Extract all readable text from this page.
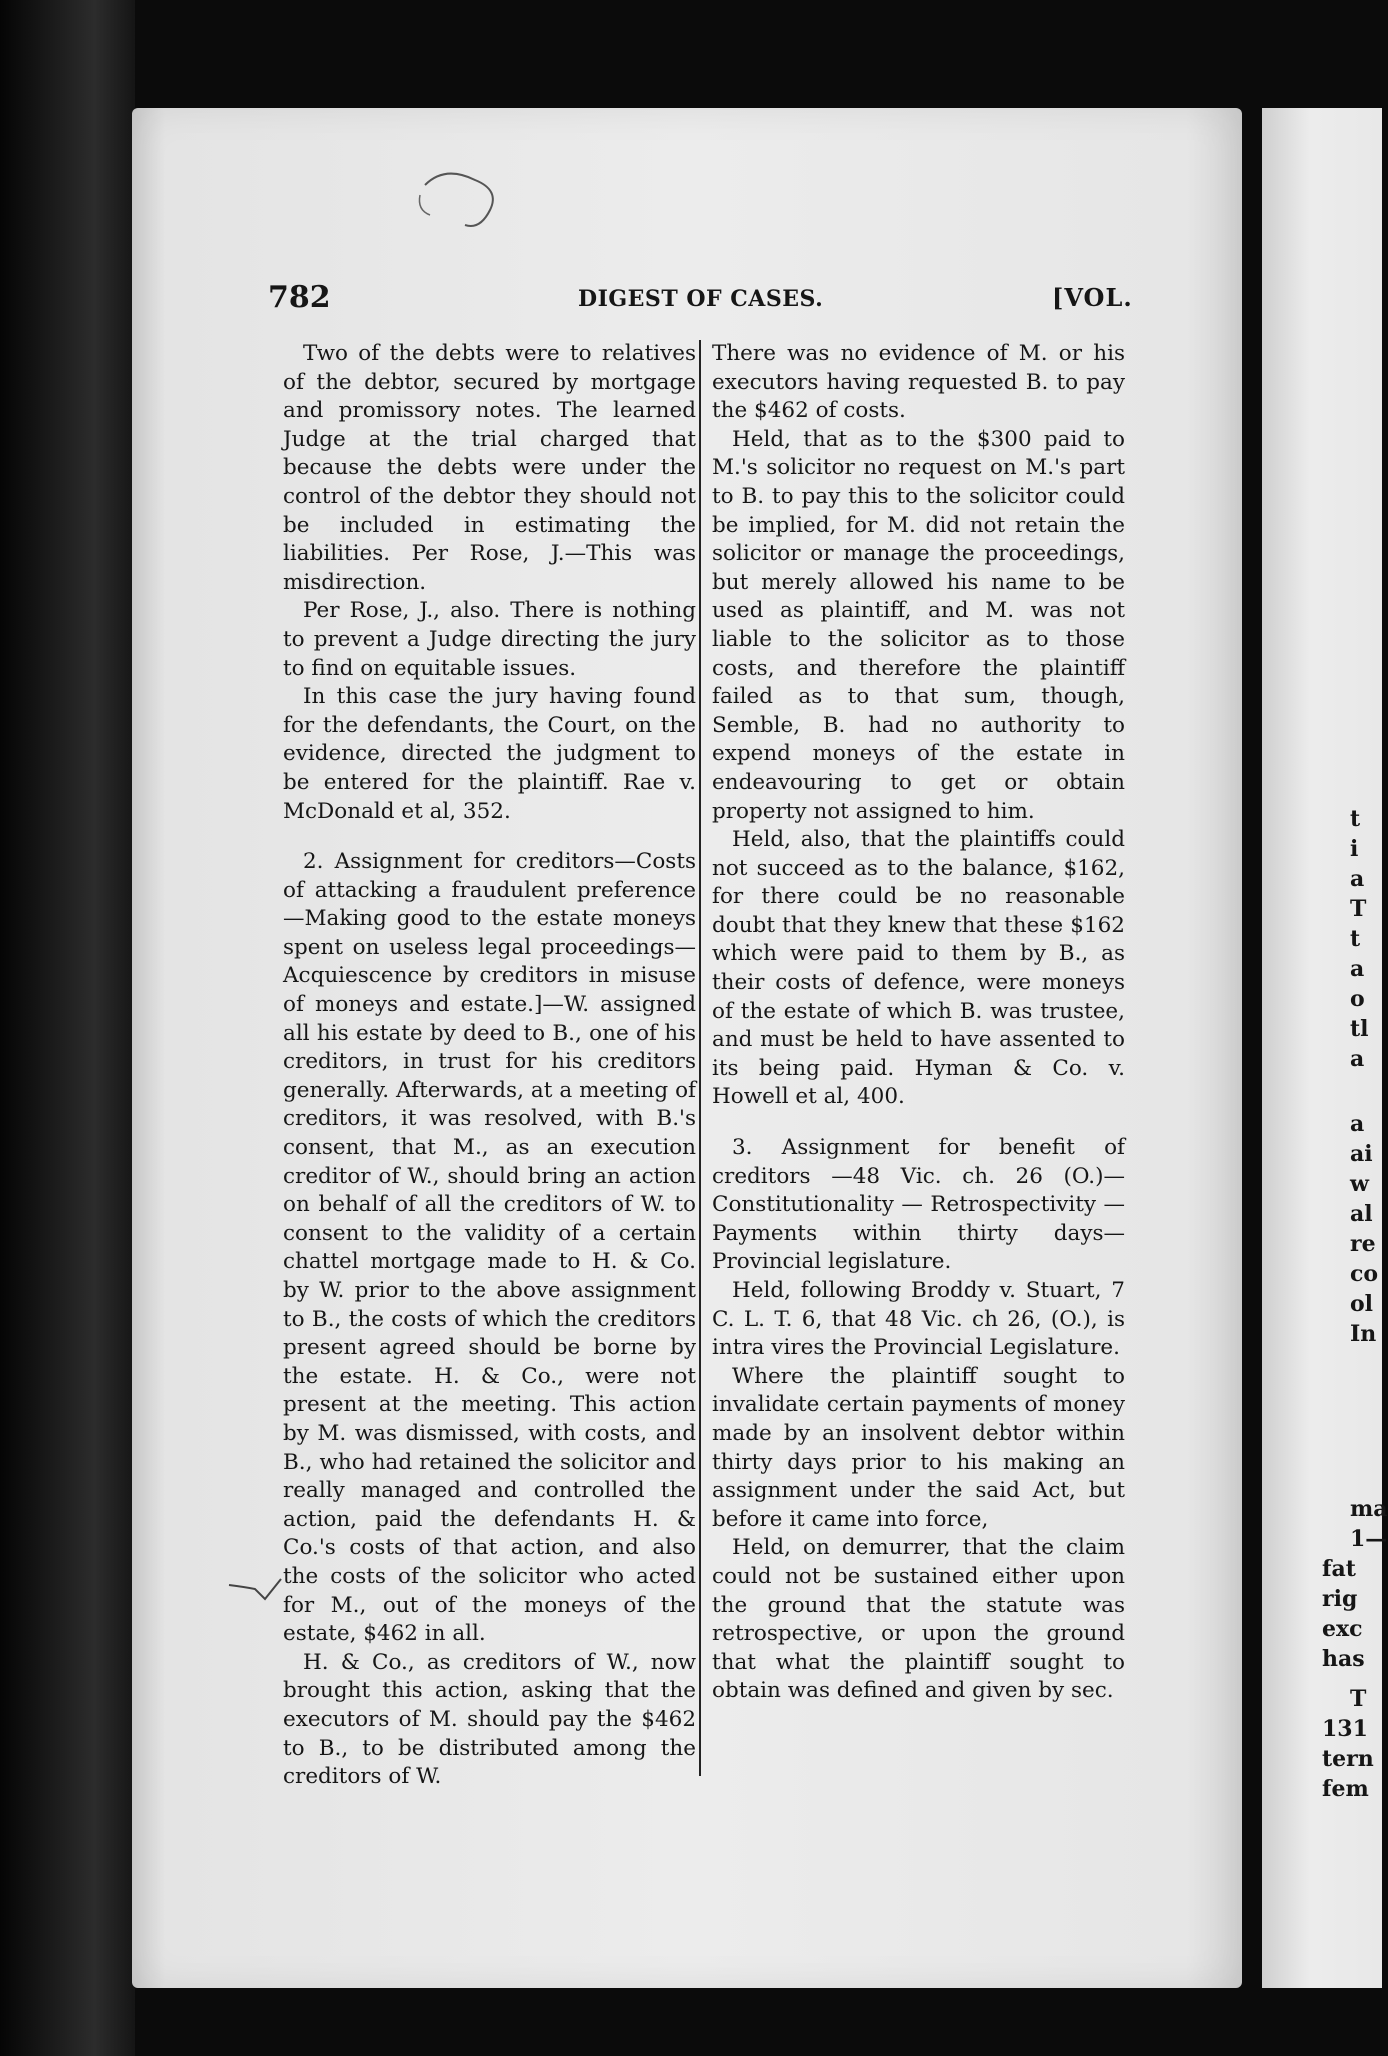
t
i
a
T
t
a
o
tl
a
a
ai
w
al
re
co
ol
In
ma
1—
fat
rig
exc
has
T
131
tern
fem
782	DIGEST OF CASES.	[VOL.

Two of the debts were to relatives of the debtor, secured by mortgage and promissory notes. The learned Judge at the trial charged that because the debts were under the control of the debtor they should not be included in estimating the liabilities. Per Rose, J.—This was misdirection.

Per Rose, J., also. There is nothing to prevent a Judge directing the jury to find on equitable issues.

In this case the jury having found for the defendants, the Court, on the evidence, directed the judgment to be entered for the plaintiff. Rae v. McDonald et al, 352.

2. Assignment for creditors—Costs of attacking a fraudulent preference —Making good to the estate moneys spent on useless legal proceedings— Acquiescence by creditors in misuse of moneys and estate.]—W. assigned all his estate by deed to B., one of his creditors, in trust for his creditors generally. Afterwards, at a meeting of creditors, it was resolved, with B.'s consent, that M., as an execution creditor of W., should bring an action on behalf of all the creditors of W. to consent to the validity of a certain chattel mortgage made to H. & Co. by W. prior to the above assignment to B., the costs of which the creditors present agreed should be borne by the estate. H. & Co., were not present at the meeting. This action by M. was dismissed, with costs, and B., who had retained the solicitor and really managed and controlled the action, paid the defendants H. & Co.'s costs of that action, and also the costs of the solicitor who acted for M., out of the moneys of the estate, $462 in all.

H. & Co., as creditors of W., now brought this action, asking that the executors of M. should pay the $462 to B., to be distributed among the creditors of W.

There was no evidence of M. or his executors having requested B. to pay the $462 of costs.

Held, that as to the $300 paid to M.'s solicitor no request on M.'s part to B. to pay this to the solicitor could be implied, for M. did not retain the solicitor or manage the proceedings, but merely allowed his name to be used as plaintiff, and M. was not liable to the solicitor as to those costs, and therefore the plaintiff failed as to that sum, though, Semble, B. had no authority to expend moneys of the estate in endeavouring to get or obtain property not assigned to him.

Held, also, that the plaintiffs could not succeed as to the balance, $162, for there could be no reasonable doubt that they knew that these $162 which were paid to them by B., as their costs of defence, were moneys of the estate of which B. was trustee, and must be held to have assented to its being paid. Hyman & Co. v. Howell et al, 400.

3. Assignment for benefit of creditors —48 Vic. ch. 26 (O.)—Constitutionality — Retrospectivity — Payments within thirty days—Provincial legislature.

Held, following Broddy v. Stuart, 7 C. L. T. 6, that 48 Vic. ch 26, (O.), is intra vires the Provincial Legislature.

Where the plaintiff sought to invalidate certain payments of money made by an insolvent debtor within thirty days prior to his making an assignment under the said Act, but before it came into force,

Held, on demurrer, that the claim could not be sustained either upon the ground that the statute was retrospective, or upon the ground that what the plaintiff sought to obtain was defined and given by sec.
